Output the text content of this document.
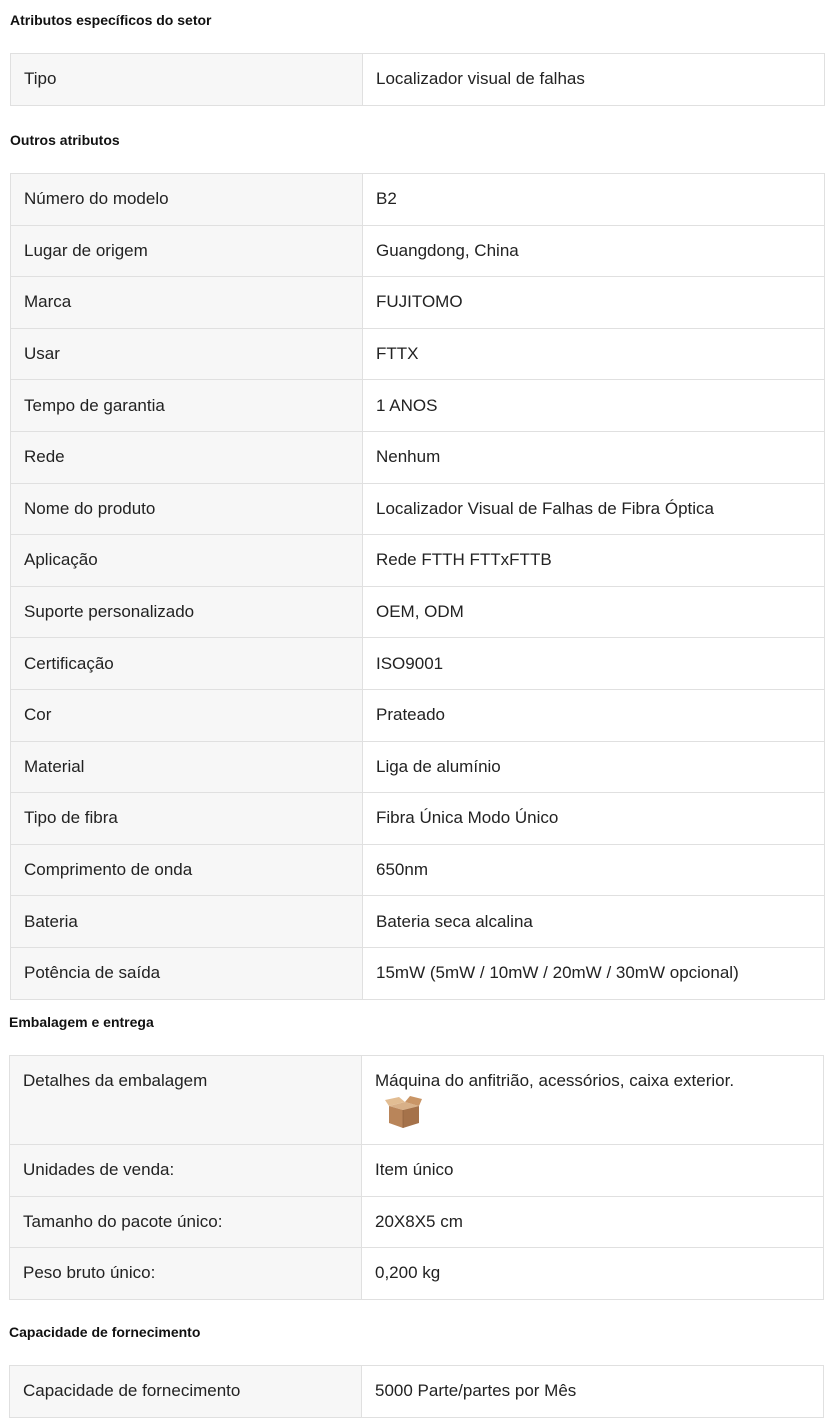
Atributos específicos do setor
Tipo	Localizador visual de falhas
Outros atributos
Número do modelo	B2
Lugar de origem	Guangdong, China
Marca	FUJITOMO
Usar	FTTX
Tempo de garantia	1 ANOS
Rede	Nenhum
Nome do produto	Localizador Visual de Falhas de Fibra Óptica
Aplicação	Rede FTTH FTTxFTTB
Suporte personalizado	OEM, ODM
Certificação	ISO9001
Cor	Prateado
Material	Liga de alumínio
Tipo de fibra	Fibra Única Modo Único
Comprimento de onda	650nm
Bateria	Bateria seca alcalina
Potência de saída	15mW (5mW / 10mW / 20mW / 30mW opcional)
Embalagem e entrega
Detalhes da embalagem	Máquina do anfitrião, acessórios, caixa exterior.

Unidades de venda:	Item único
Tamanho do pacote único:	20X8X5 cm
Peso bruto único:	0,200 kg
Capacidade de fornecimento
Capacidade de fornecimento	5000 Parte/partes por Mês
